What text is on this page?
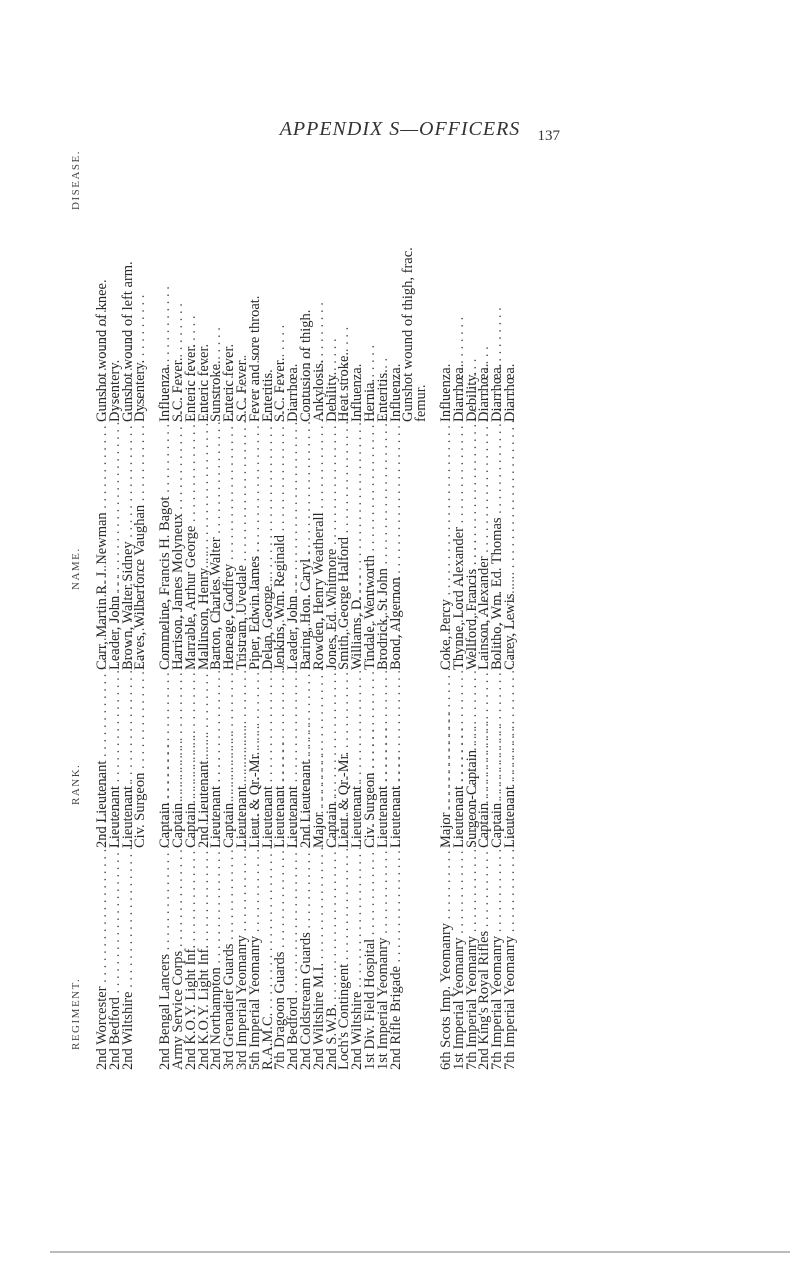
APPENDIX S—OFFICERS	137
REGIMENT.
RANK.
NAME.
DISEASE.
2nd Worcester . . .
2nd Lieutenant . . .
Carr, Martin R. J. Newman . . .
Gunshot wound of knee.
2nd Bedford . . .
Lieutenant . . .
Leader, John . . .
Dysentery.
2nd Wiltshire . . .
Lieutenant . . .
Brown, Walter Sidney . . .
Gunshot wound of left arm.
Civ. Surgeon . . .
Eaves, Wilberforce Vaughan . . .
Dysentery.
2nd Bengal Lancers . . .
Captain . . .
Commeline, Francis H. Bagot . . .
Influenza.
Army Service Corps . . .
Captain . . .
Harrison, James Molyneux . . .
S.C. Fever.
2nd K.O.Y. Light Inf. . . .
Captain . . .
Marrable, Arthur George . . .
Enteric fever.
2nd K.O.Y. Light Inf. . . .
2nd Lieutenant . . .
Mallinson, Henry . . .
Enteric fever.
2nd Northampton . . .
Lieutenant . . .
Barton, Charles Walter . . .
Sunstroke.
3rd Grenadier Guards . . .
Captain . . .
Heneage, Godfrey . . .
Enteric fever.
3rd Imperial Yeomanry . . .
Lieutenant . . .
Tristram, Uvedale . . .
S.C. Fever.
5th Imperial Yeomanry . . .
Lieut. & Qr.-Mr. . . .
Piper, Edwin James . . .
Fever and sore throat.
R.A.M.C. . . .
Lieutenant . . .
Delap, George . . .
Enteritis.
7th Dragoon Guards . . .
Lieutenant . . .
Jenkins, Wm. Reginald . . .
S.C. Fever.
2nd Bedford . . .
Lieutenant . . .
Leader, John . . .
Diarrhœa.
2nd Coldstream Guards . . .
2nd Lieutenant . . .
Baring, Hon. Caryl . . .
Contusion of thigh.
2nd Wiltshire M.I. . . .
Major . . .
Rowden, Henry Weatherall . . .
Ankylosis.
2nd S.W.B. . . .
Captain . . .
Jones, Ed. Whitmore . . .
Debility.
Loch's Contingent . . .
Lieut. & Qr.-Mr. . . .
Smith, George Halford . . .
Heat stroke.
2nd Wiltshire . . .
Lieutenant . . .
Williams, D. . . .
Influenza.
1st Div. Field Hospital . . .
Civ. Surgeon . . .
Tindale, Wentworth . . .
Hernia.
1st Imperial Yeomanry . . .
Lieutenant . . .
Brodrick, St John . . .
Enteritis.
2nd Rifle Brigade . . .
Lieutenant . . .
Bond, Algernon . . .
Influenza.
Gunshot wound of thigh, frac.
femur.
6th Scots Imp. Yeomanry . . .
Major . . .
Coke, Percy . . .
Influenza.
1st Imperial Yeomanry . . .
Lieutenant . . .
Thynne, Lord Alexander . . .
Diarrhœa.
7th Imperial Yeomanry . . .
Surgeon-Captain . . .
Wellford, Francis . . .
Debility.
2nd King's Royal Rifles . . .
Captain . . .
Lainson, Alexander . . .
Diarrhœa.
7th Imperial Yeomanry . . .
Captain . . .
Bolitho, Wm. Ed. Thomas . . .
Diarrhœa.
7th Imperial Yeomanry . . .
Lieutenant . . .
Carey, Lewis . . .
Diarrhœa.
